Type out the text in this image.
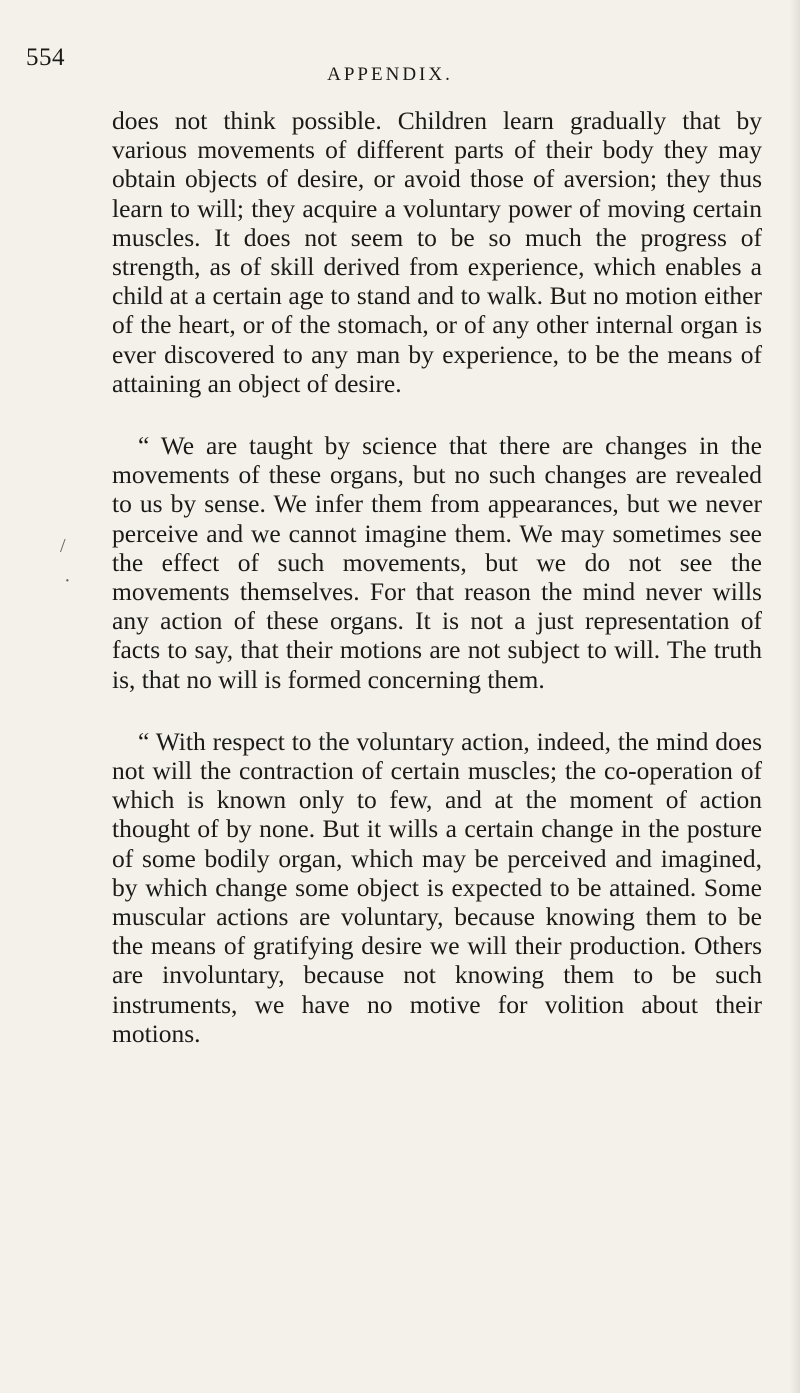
554
APPENDIX.

does not think possible. Children learn gradually that by various movements of different parts of their body they may obtain objects of desire, or avoid those of aversion; they thus learn to will; they acquire a voluntary power of moving certain muscles. It does not seem to be so much the progress of strength, as of skill derived from experience, which enables a child at a certain age to stand and to walk. But no motion either of the heart, or of the stomach, or of any other internal organ is ever discovered to any man by experience, to be the means of attaining an object of desire.

“ We are taught by science that there are changes in the movements of these organs, but no such changes are revealed to us by sense. We infer them from appearances, but we never perceive and we cannot imagine them. We may sometimes see the effect of such movements, but we do not see the movements themselves. For that reason the mind never wills any action of these organs. It is not a just representation of facts to say, that their motions are not subject to will. The truth is, that no will is formed concerning them.

“ With respect to the voluntary action, indeed, the mind does not will the contraction of certain muscles; the co-operation of which is known only to few, and at the moment of action thought of by none. But it wills a certain change in the posture of some bodily organ, which may be perceived and imagined, by which change some object is expected to be attained. Some muscular actions are voluntary, because knowing them to be the means of gratifying desire we will their production. Others are involuntary, because not knowing them to be such instruments, we have no motive for volition about their motions.

/
·
